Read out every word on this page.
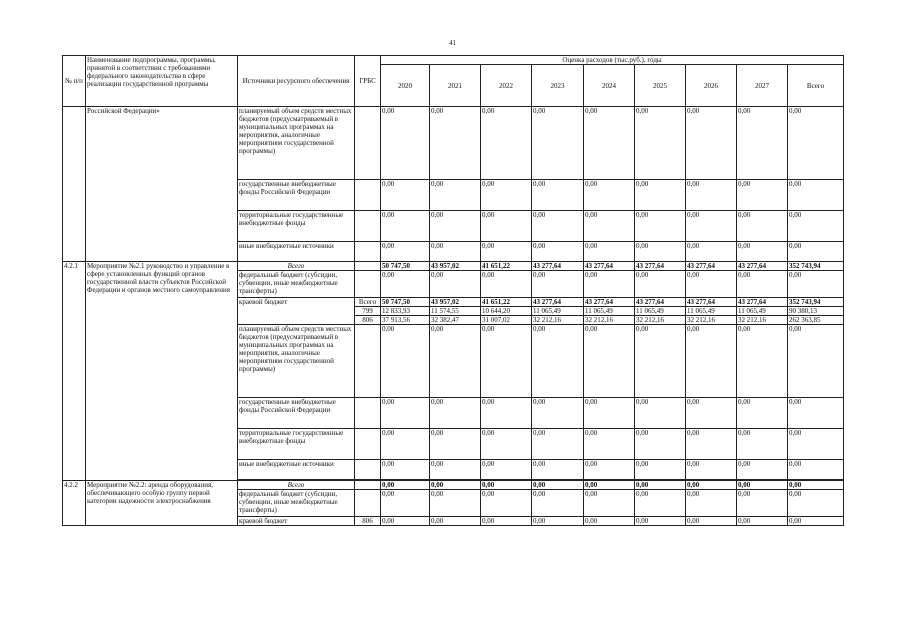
41
№ п/п	Наименование подпрограммы, программы, принятой в соответствии с требованиями федерального законодательства в сфере реализации государственной программы	Источники ресурсного обеспечения	ГРБС	Оценка расходов (тыс.руб.), годы								
				2020	2021	2022	2023	2024	2025	2026	2027	Всего
	Российской Федерации»	планируемый объем средств местных бюджетов (предусматриваемый в муниципальных программах на мероприятия, аналогичные мероприятиям государственной программы)		0,00	0,00	0,00	0,00	0,00	0,00	0,00	0,00	0,00
		государственные внебюджетные фонды Российской Федерации		0,00	0,00	0,00	0,00	0,00	0,00	0,00	0,00	0,00
		территориальные государственные внебюджетные фонды		0,00	0,00	0,00	0,00	0,00	0,00	0,00	0,00	0,00
		иные внебюджетные источники		0,00	0,00	0,00	0,00	0,00	0,00	0,00	0,00	0,00
4.2.1	Мероприятие №2.1 руководство и управление в сфере установленных функций органов государственной власти субъектов Российской Федерации и органов местного самоуправления	Всего		50 747,50	43 957,02	41 651,22	43 277,64	43 277,64	43 277,64	43 277,64	43 277,64	352 743,94
		федеральный бюджет (субсидии, субвенции, иные межбюджетные трансферты)		0,00	0,00	0,00	0,00	0,00	0,00	0,00	0,00	0,00
		краевой бюджет	Всего	50 747,50	43 957,02	41 651,22	43 277,64	43 277,64	43 277,64	43 277,64	43 277,64	352 743,94
			799	12 833,93	11 574,55	10 644,20	11 065,49	11 065,49	11 065,49	11 065,49	11 065,49	90 380,13
			806	37 913,56	32 382,47	31 007,02	32 212,16	32 212,16	32 212,16	32 212,16	32 212,16	262 363,85
		планируемый объем средств местных бюджетов (предусматриваемый в муниципальных программах на мероприятия, аналогичные мероприятиям государственной программы)		0,00	0,00	0,00	0,00	0,00	0,00	0,00	0,00	0,00
		государственные внебюджетные фонды Российской Федерации		0,00	0,00	0,00	0,00	0,00	0,00	0,00	0,00	0,00
		территориальные государственные внебюджетные фонды		0,00	0,00	0,00	0,00	0,00	0,00	0,00	0,00	0,00
		иные внебюджетные источники		0,00	0,00	0,00	0,00	0,00	0,00	0,00	0,00	0,00

4.2.2	Мероприятие №2.2: аренда оборудования, обеспечивающего особую группу первой категории надежности электроснабжения	Всего		0,00	0,00	0,00	0,00	0,00	0,00	0,00	0,00	0,00
		федеральный бюджет (субсидии, субвенции, иные межбюджетные трансферты)		0,00	0,00	0,00	0,00	0,00	0,00	0,00	0,00	0,00
		краевой бюджет	806	0,00	0,00	0,00	0,00	0,00	0,00	0,00	0,00	0,00
